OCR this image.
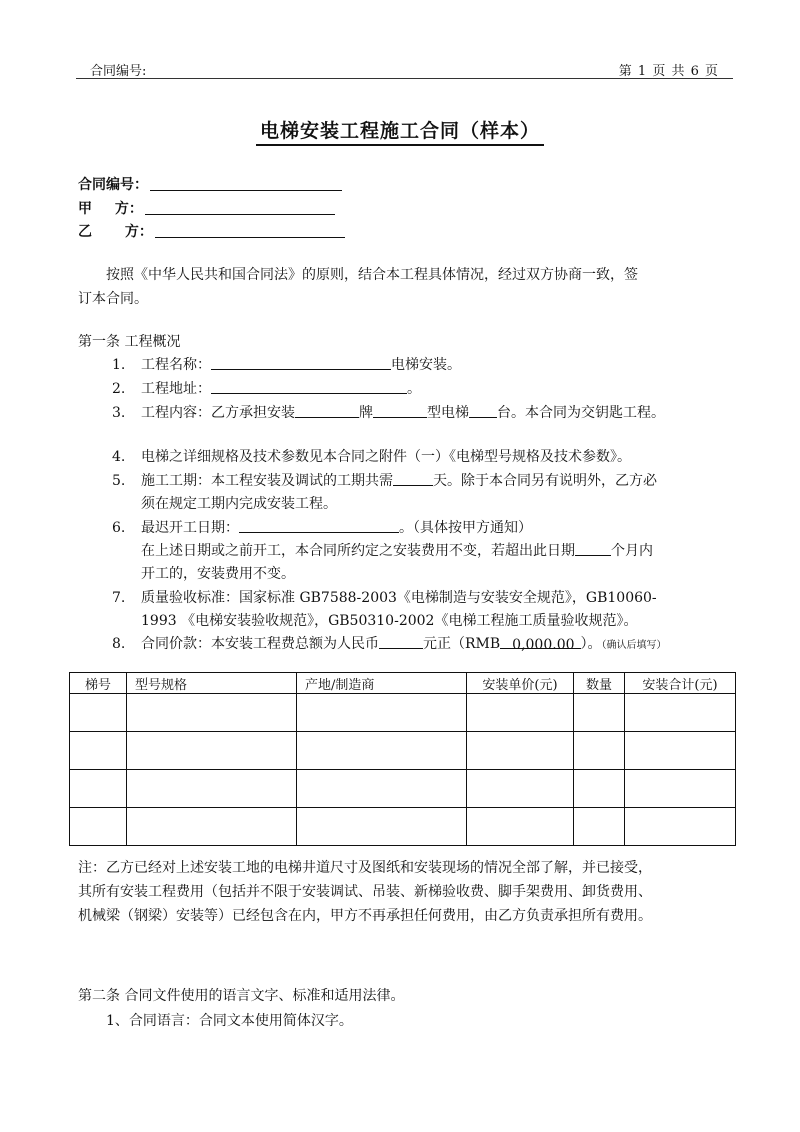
合同编号:	第 1 页 共 6 页
电梯安装工程施工合同（样本）
合同编号：
甲 方：
乙 方：
按照《中华人民共和国合同法》的原则，结合本工程具体情况，经过双方协商一致，签
订本合同。
第一条 工程概况
1. 工程名称：	电梯安装。
2. 工程地址：	。
3. 工程内容：乙方承担安装	牌	型电梯 台。本合同为交钥匙工程。
4. 电梯之详细规格及技术参数见本合同之附件（一）《电梯型号规格及技术参数》。
5. 施工工期：本工程安装及调试的工期共需	天。除于本合同另有说明外，乙方必
须在规定工期内完成安装工程。
6. 最迟开工日期：	。（具体按甲方通知）
在上述日期或之前开工，本合同所约定之安装费用不变，若超出此日期	个月内
开工的，安装费用不变。
7. 质量验收标准：国家标准 GB7588-2003《电梯制造与安装安全规范》，GB10060-
1993 《电梯安装验收规范》，GB50310-2002《电梯工程施工质量验收规范》。
8. 合同价款：本安装工程费总额为人民币	元正（RMB 0,000.00 ）。（确认后填写）
梯号	型号规格	产地/制造商	安装单价(元)	数量	安装合计(元)

注：乙方已经对上述安装工地的电梯井道尺寸及图纸和安装现场的情况全部了解，并已接受，
其所有安装工程费用（包括并不限于安装调试、吊装、新梯验收费、脚手架费用、卸货费用、
机械梁（钢梁）安装等）已经包含在内，甲方不再承担任何费用，由乙方负责承担所有费用。
第二条 合同文件使用的语言文字、标准和适用法律。
1、合同语言：合同文本使用简体汉字。
